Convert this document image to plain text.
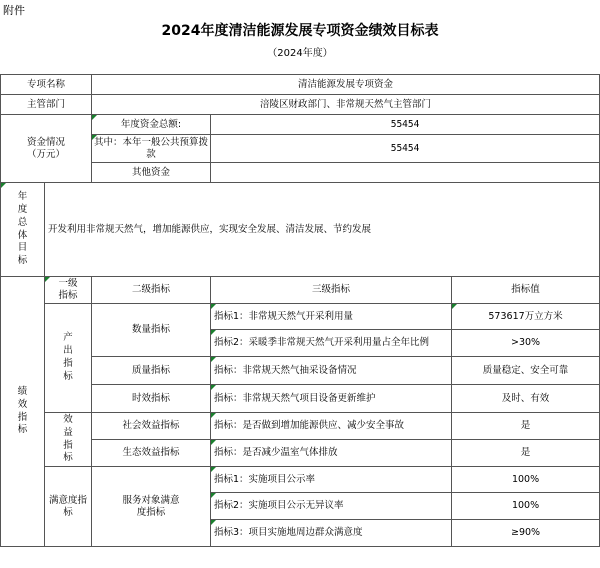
附件
2024年度清洁能源发展专项资金绩效目标表
（2024年度）
专项名称		清洁能源发展专项资金		
主管部门		涪陵区财政部门、非常规天然气主管部门		
资金情况（万元）		年度资金总额:	55454	
		其中：本年一般公共预算拨款	55454	
		其他资金		
年度总体目标	开发利用非常规天然气，增加能源供应，实现安全发展、清洁发展、节约发展			
绩效指标	一级指标	二级指标	三级指标	指标值
	产出指标	数量指标	指标1：非常规天然气开采利用量	573617万立方米
			指标2：采暖季非常规天然气开采利用量占全年比例	>30%
		质量指标	指标：非常规天然气抽采设备情况	质量稳定、安全可靠
		时效指标	指标：非常规天然气项目设备更新维护	及时、有效
	效益指标	社会效益指标	指标：是否做到增加能源供应、减少安全事故	是
		生态效益指标	指标：是否减少温室气体排放	是
	满意度指标	服务对象满意度指标	指标1：实施项目公示率	100%
			指标2：实施项目公示无异议率	100%
			指标3：项目实施地周边群众满意度	≥90%
